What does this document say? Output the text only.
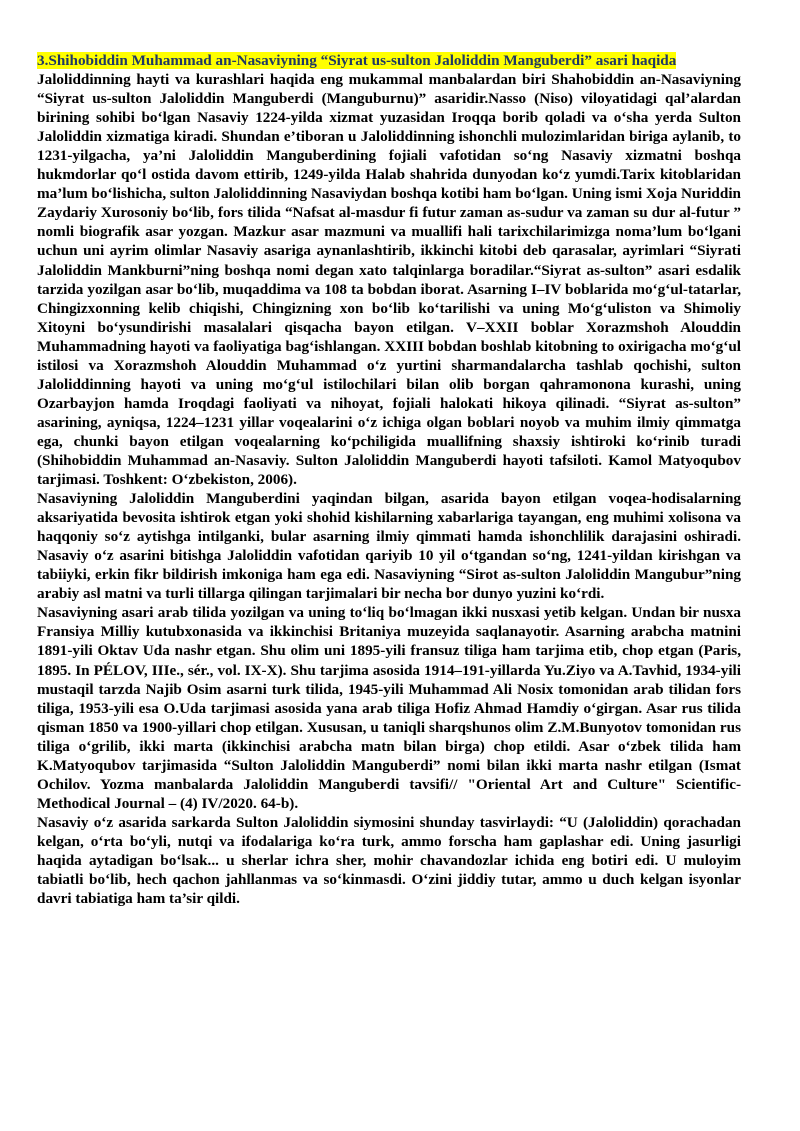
3.Shihobiddin Muhammad an-Nasaviyning “Siyrat us-sulton Jaloliddin Manguberdi” asari haqida

Jaloliddinning hayti va kurashlari haqida eng mukammal manbalardan biri Shahobiddin an-Nasaviyning “Siyrat us-sulton Jaloliddin Manguberdi (Manguburnu)” asaridir.Nasso (Niso) viloyatidagi qal’alardan birining sohibi bo‘lgan Nasaviy 1224-yilda xizmat yuzasidan Iroqqa borib qoladi va o‘sha yerda Sulton Jaloliddin xizmatiga kiradi. Shundan e’tiboran u Jaloliddinning ishonchli mulozimlaridan biriga aylanib, to 1231-yilgacha, ya’ni Jaloliddin Manguberdining fojiali vafotidan so‘ng Nasaviy xizmatni boshqa hukmdorlar qo‘l ostida davom ettirib, 1249-yilda Halab shahrida dunyodan ko‘z yumdi.Tarix kitoblaridan ma’lum bo‘lishicha, sulton Jaloliddinning Nasaviydan boshqa kotibi ham bo‘lgan. Uning ismi Xoja Nuriddin Zaydariy Xurosoniy bo‘lib, fors tilida “Nafsat al-masdur fi futur zaman as-sudur va zaman su dur al-futur ” nomli biografik asar yozgan. Mazkur asar mazmuni va muallifi hali tarixchilarimizga noma’lum bo‘lgani uchun uni ayrim olimlar Nasaviy asariga aynanlashtirib, ikkinchi kitobi deb qarasalar, ayrimlari “Siyrati Jaloliddin Mankburni”ning boshqa nomi degan xato talqinlarga boradilar.“Siyrat as-sulton” asari esdalik tarzida yozilgan asar bo‘lib, muqaddima va 108 ta bobdan iborat. Asarning I–IV boblarida mo‘g‘ul-tatarlar, Chingizxonning kelib chiqishi, Chingizning xon bo‘lib ko‘tarilishi va uning Mo‘g‘uliston va Shimoliy Xitoyni bo‘ysundirishi masalalari qisqacha bayon etilgan. V–XXII boblar Xorazmshoh Alouddin Muhammadning hayoti va faoliyatiga bag‘ishlangan. XXIII bobdan boshlab kitobning to oxirigacha mo‘g‘ul istilosi va Xorazmshoh Alouddin Muhammad o‘z yurtini sharmandalarcha tashlab qochishi, sulton Jaloliddinning hayoti va uning mo‘g‘ul istilochilari bilan olib borgan qahramonona kurashi, uning Ozarbayjon hamda Iroqdagi faoliyati va nihoyat, fojiali halokati hikoya qilinadi. “Siyrat as-sulton” asarining, ayniqsa, 1224–1231 yillar voqealarini o‘z ichiga olgan boblari noyob va muhim ilmiy qimmatga ega, chunki bayon etilgan voqealarning ko‘pchiligida muallifning shaxsiy ishtiroki ko‘rinib turadi (Shihobiddin Muhammad an-Nasaviy. Sulton Jaloliddin Manguberdi hayoti tafsiloti. Kamol Matyoqubov tarjimasi. Toshkent: O‘zbekiston, 2006).

Nasaviyning Jaloliddin Manguberdini yaqindan bilgan, asarida bayon etilgan voqea-hodisalarning aksariyatida bevosita ishtirok etgan yoki shohid kishilarning xabarlariga tayangan, eng muhimi xolisona va haqqoniy so‘z aytishga intilganki, bular asarning ilmiy qimmati hamda ishonchlilik darajasini oshiradi. Nasaviy o‘z asarini bitishga Jaloliddin vafotidan qariyib 10 yil o‘tgandan so‘ng, 1241-yildan kirishgan va tabiiyki, erkin fikr bildirish imkoniga ham ega edi. Nasaviyning “Sirot as-sulton Jaloliddin Mangubur”ning arabiy asl matni va turli tillarga qilingan tarjimalari bir necha bor dunyo yuzini ko‘rdi.

Nasaviyning asari arab tilida yozilgan va uning to‘liq bo‘lmagan ikki nusxasi yetib kelgan. Undan bir nusxa Fransiya Milliy kutubxonasida va ikkinchisi Britaniya muzeyida saqlanayotir. Asarning arabcha matnini 1891-yili Oktav Uda nashr etgan. Shu olim uni 1895-yili fransuz tiliga ham tarjima etib, chop etgan (Paris, 1895. In PÉLOV, IIIe., sér., vol. IX-X). Shu tarjima asosida 1914–191-yillarda Yu.Ziyo va A.Tavhid, 1934-yili mustaqil tarzda Najib Osim asarni turk tilida, 1945-yili Muhammad Ali Nosix tomonidan arab tilidan fors tiliga, 1953-yili esa O.Uda tarjimasi asosida yana arab tiliga Hofiz Ahmad Hamdiy o‘girgan. Asar rus tilida qisman 1850 va 1900-yillari chop etilgan. Xususan, u taniqli sharqshunos olim Z.M.Bunyotov tomonidan rus tiliga o‘grilib, ikki marta (ikkinchisi arabcha matn bilan birga) chop etildi. Asar o‘zbek tilida ham K.Matyoqubov tarjimasida “Sulton Jaloliddin Manguberdi” nomi bilan ikki marta nashr etilgan (Ismat Ochilov. Yozma manbalarda Jaloliddin Manguberdi tavsifi// "Oriental Art and Culture" Scientific-Methodical Journal – (4) IV/2020. 64-b).

Nasaviy o‘z asarida sarkarda Sulton Jaloliddin siymosini shunday tasvirlaydi: “U (Jaloliddin) qorachadan kelgan, o‘rta bo‘yli, nutqi va ifodalariga ko‘ra turk, ammo forscha ham gaplashar edi. Uning jasurligi haqida aytadigan bo‘lsak... u sherlar ichra sher, mohir chavandozlar ichida eng botiri edi. U muloyim tabiatli bo‘lib, hech qachon jahllanmas va so‘kinmasdi. O‘zini jiddiy tutar, ammo u duch kelgan isyonlar davri tabiatiga ham ta’sir qildi.
